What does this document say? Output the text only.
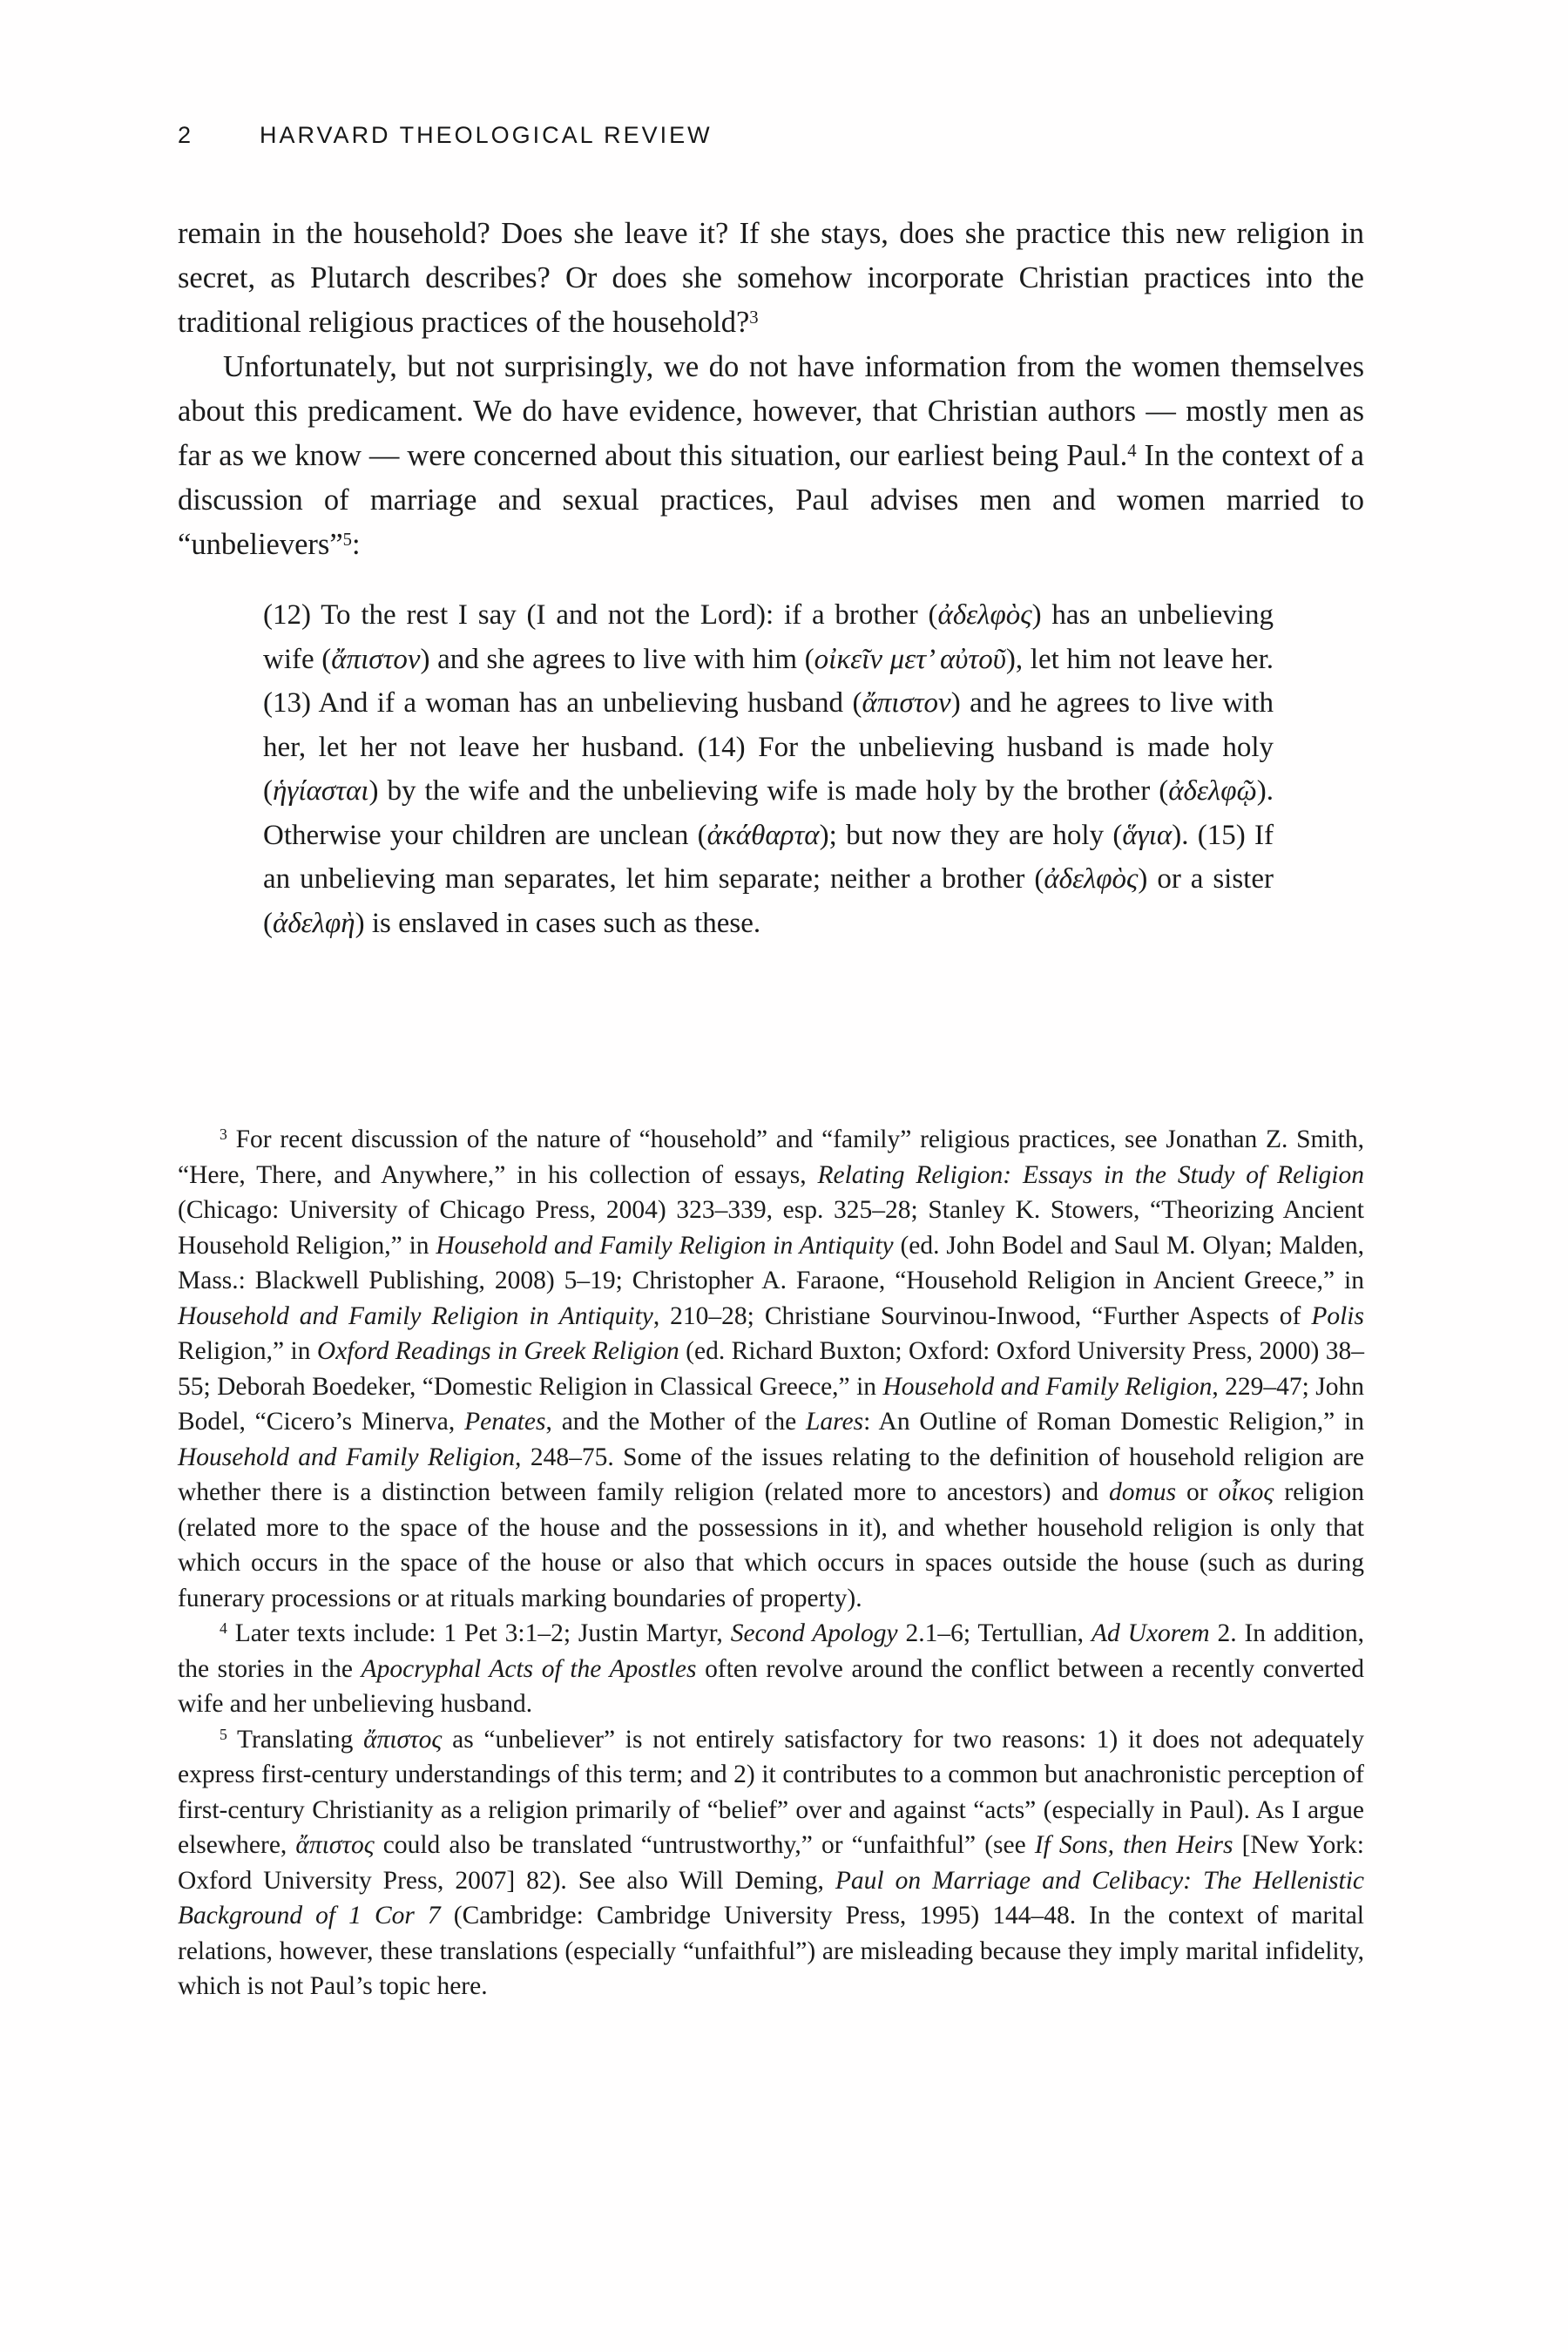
2	HARVARD THEOLOGICAL REVIEW

remain in the household? Does she leave it? If she stays, does she practice this new religion in secret, as Plutarch describes? Or does she somehow incorporate Christian practices into the traditional religious practices of the household?$^3$

Unfortunately, but not surprisingly, we do not have information from the women themselves about this predicament. We do have evidence, however, that Christian authors — mostly men as far as we know — were concerned about this situation, our earliest being Paul.$^4$ In the context of a discussion of marriage and sexual practices, Paul advises men and women married to “unbelievers”$^5$:

(12) To the rest I say (I and not the Lord): if a brother (ἀδελφὸς) has an unbelieving wife (ἄπιστον) and she agrees to live with him (οἰκεῖν μετ’ αὐτοῦ), let him not leave her. (13) And if a woman has an unbelieving husband (ἄπιστον) and he agrees to live with her, let her not leave her husband. (14) For the unbelieving husband is made holy (ἡγίασται) by the wife and the unbelieving wife is made holy by the brother (ἀδελφῷ). Otherwise your children are unclean (ἀκάθαρτα); but now they are holy (ἅγια). (15) If an unbelieving man separates, let him separate; neither a brother (ἀδελφὸς) or a sister (ἀδελφὴ) is enslaved in cases such as these.

$^3$ For recent discussion of the nature of “household” and “family” religious practices, see Jonathan Z. Smith, “Here, There, and Anywhere,” in his collection of essays, Relating Religion: Essays in the Study of Religion (Chicago: University of Chicago Press, 2004) 323–339, esp. 325–28; Stanley K. Stowers, “Theorizing Ancient Household Religion,” in Household and Family Religion in Antiquity (ed. John Bodel and Saul M. Olyan; Malden, Mass.: Blackwell Publishing, 2008) 5–19; Christopher A. Faraone, “Household Religion in Ancient Greece,” in Household and Family Religion in Antiquity, 210–28; Christiane Sourvinou-Inwood, “Further Aspects of Polis Religion,” in Oxford Readings in Greek Religion (ed. Richard Buxton; Oxford: Oxford University Press, 2000) 38–55; Deborah Boedeker, “Domestic Religion in Classical Greece,” in Household and Family Religion, 229–47; John Bodel, “Cicero’s Minerva, Penates, and the Mother of the Lares: An Outline of Roman Domestic Religion,” in Household and Family Religion, 248–75. Some of the issues relating to the definition of household religion are whether there is a distinction between family religion (related more to ancestors) and domus or οἶκος religion (related more to the space of the house and the possessions in it), and whether household religion is only that which occurs in the space of the house or also that which occurs in spaces outside the house (such as during funerary processions or at rituals marking boundaries of property).

$^4$ Later texts include: 1 Pet 3:1–2; Justin Martyr, Second Apology 2.1–6; Tertullian, Ad Uxorem 2. In addition, the stories in the Apocryphal Acts of the Apostles often revolve around the conflict between a recently converted wife and her unbelieving husband.

$^5$ Translating ἄπιστος as “unbeliever” is not entirely satisfactory for two reasons: 1) it does not adequately express first-century understandings of this term; and 2) it contributes to a common but anachronistic perception of first-century Christianity as a religion primarily of “belief” over and against “acts” (especially in Paul). As I argue elsewhere, ἄπιστος could also be translated “untrustworthy,” or “unfaithful” (see If Sons, then Heirs [New York: Oxford University Press, 2007] 82). See also Will Deming, Paul on Marriage and Celibacy: The Hellenistic Background of 1 Cor 7 (Cambridge: Cambridge University Press, 1995) 144–48. In the context of marital relations, however, these translations (especially “unfaithful”) are misleading because they imply marital infidelity, which is not Paul’s topic here.
